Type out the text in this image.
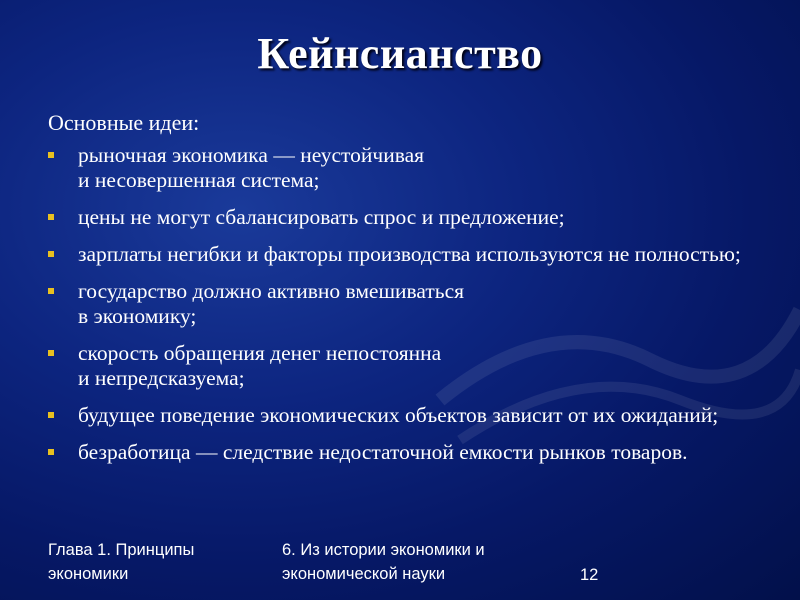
Кейнсианство
Основные идеи:
рыночная экономика — неустойчивая
и несовершенная система;
цены не могут сбалансировать спрос и предложение;
зарплаты негибки и факторы производства используются не полностью;
государство должно активно вмешиваться
в экономику;
скорость обращения денег непостоянна
и непредсказуема;
будущее поведение экономических объектов зависит от их ожиданий;
безработица — следствие недостаточной емкости рынков товаров.
Глава 1. Принципы экономики
6. Из истории экономики и экономической науки	12
